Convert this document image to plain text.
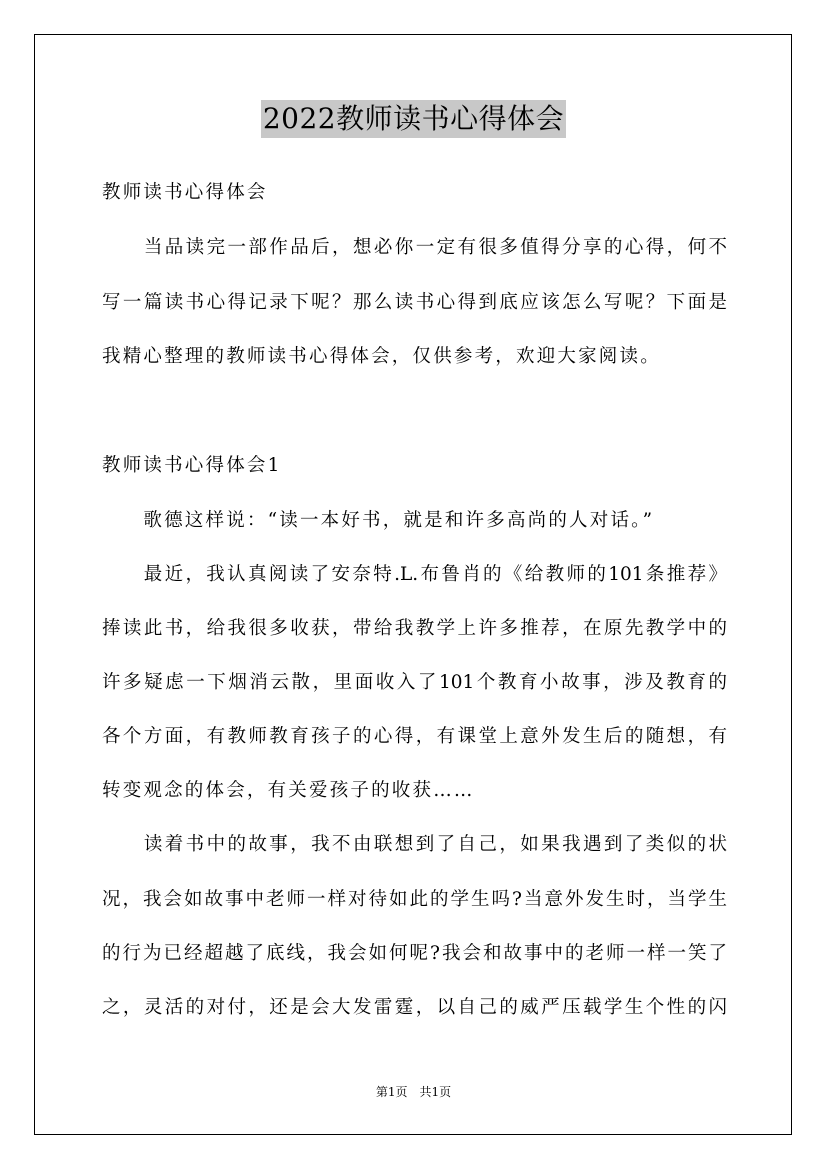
2022教师读书心得体会
教师读书心得体会
　　当品读完一部作品后，想必你一定有很多值得分享的心得，何不
写一篇读书心得记录下呢？那么读书心得到底应该怎么写呢？下面是
我精心整理的教师读书心得体会，仅供参考，欢迎大家阅读。
教师读书心得体会1
　　歌德这样说：“读一本好书，就是和许多高尚的人对话。”
　　最近，我认真阅读了安奈特.L.布鲁肖的《给教师的101条推荐》
捧读此书，给我很多收获，带给我教学上许多推荐，在原先教学中的
许多疑虑一下烟消云散，里面收入了101个教育小故事，涉及教育的
各个方面，有教师教育孩子的心得，有课堂上意外发生后的随想，有
转变观念的体会，有关爱孩子的收获……
　　读着书中的故事，我不由联想到了自己，如果我遇到了类似的状
况，我会如故事中老师一样对待如此的学生吗?当意外发生时，当学生
的行为已经超越了底线，我会如何呢?我会和故事中的老师一样一笑了
之，灵活的对付，还是会大发雷霆，以自己的威严压载学生个性的闪
第1页　共1页
